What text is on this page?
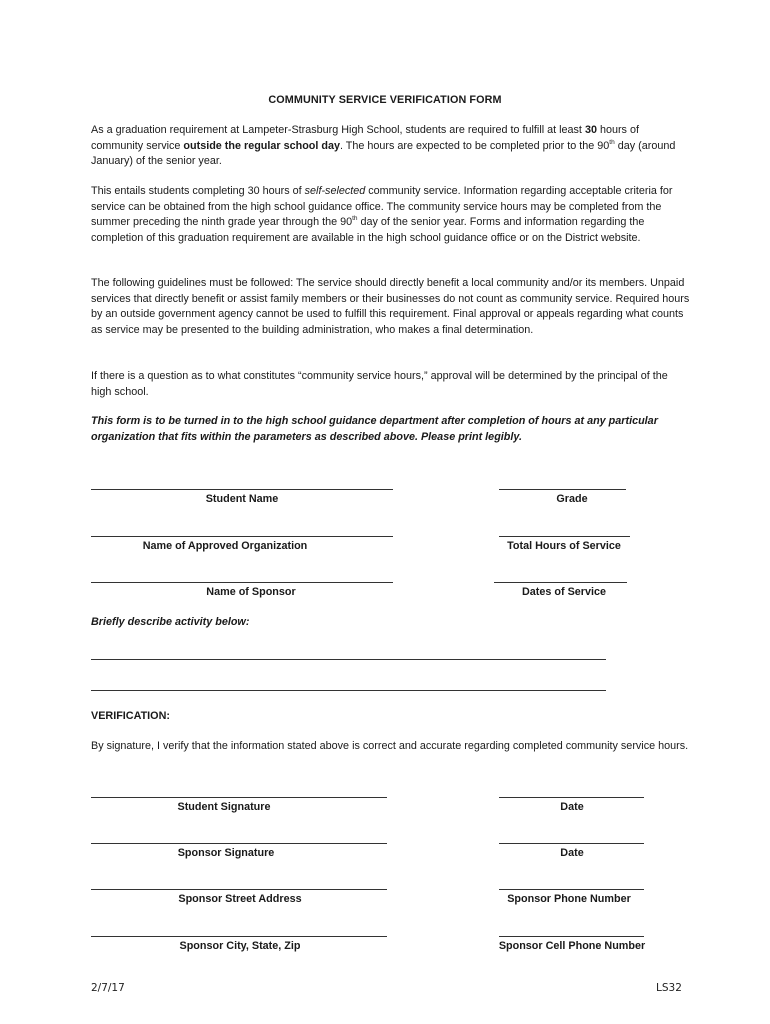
COMMUNITY SERVICE VERIFICATION FORM
As a graduation requirement at Lampeter-Strasburg High School, students are required to fulfill at least 30 hours of community service outside the regular school day. The hours are expected to be completed prior to the 90th day (around January) of the senior year.
This entails students completing 30 hours of self-selected community service. Information regarding acceptable criteria for service can be obtained from the high school guidance office. The community service hours may be completed from the summer preceding the ninth grade year through the 90th day of the senior year. Forms and information regarding the completion of this graduation requirement are available in the high school guidance office or on the District website.
The following guidelines must be followed: The service should directly benefit a local community and/or its members. Unpaid services that directly benefit or assist family members or their businesses do not count as community service. Required hours by an outside government agency cannot be used to fulfill this requirement. Final approval or appeals regarding what counts as service may be presented to the building administration, who makes a final determination.
If there is a question as to what constitutes “community service hours,” approval will be determined by the principal of the high school.
This form is to be turned in to the high school guidance department after completion of hours at any particular organization that fits within the parameters as described above. Please print legibly.
Student Name	Grade
Name of Approved Organization	Total Hours of Service
Name of Sponsor	Dates of Service
Briefly describe activity below:
VERIFICATION:
By signature, I verify that the information stated above is correct and accurate regarding completed community service hours.
Student Signature	Date
Sponsor Signature	Date
Sponsor Street Address	Sponsor Phone Number
Sponsor City, State, Zip	Sponsor Cell Phone Number
2/7/17	LS32
